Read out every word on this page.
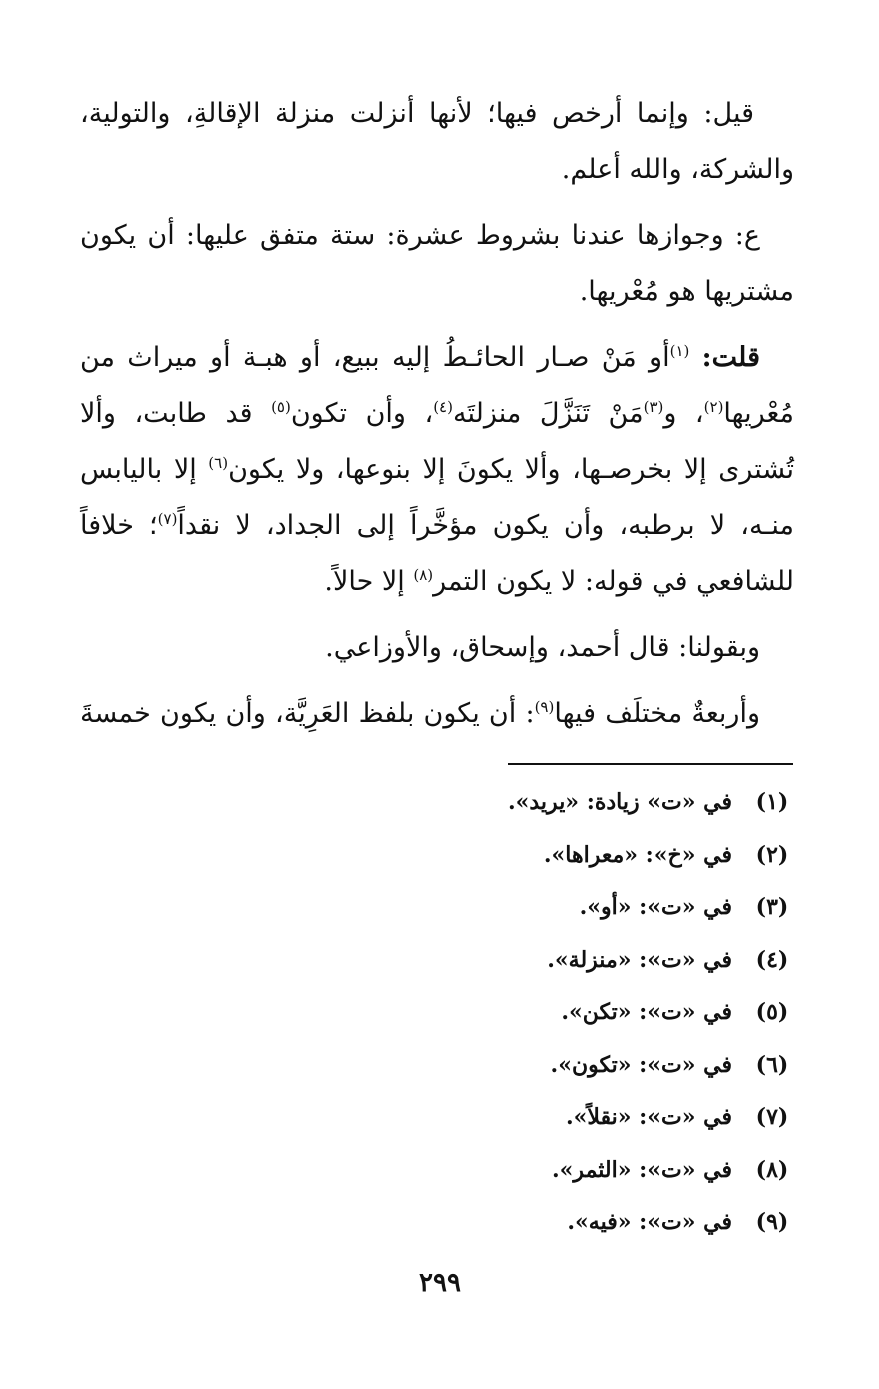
قيل: وإنما أرخص فيها؛ لأنها أنزلت منزلة الإقالةِ، والتولية، والشركة، والله أعلم.

ع: وجوازها عندنا بشروط عشرة: ستة متفق عليها: أن يكون مشتريها هو مُعْريها.

قلت: $^{(١)}$أو مَنْ صـار الحائـطُ إليه ببيع، أو هبـة أو ميراث من مُعْريها$^{(٢)}$، و$^{(٣)}$مَنْ تَنَزَّلَ منزلتَه$^{(٤)}$، وأن تكون$^{(٥)}$ قد طابت، وألا تُشترى إلا بخرصـها، وألا يكونَ إلا بنوعها، ولا يكون$^{(٦)}$ إلا باليابس منـه، لا برطبه، وأن يكون مؤخَّراً إلى الجداد، لا نقداً$^{(٧)}$؛ خلافاً للشافعي في قوله: لا يكون التمر$^{(٨)}$ إلا حالاً.

وبقولنا: قال أحمد، وإسحاق، والأوزاعي.

وأربعةٌ مختلَف فيها$^{(٩)}$: أن يكون بلفظ العَرِيَّة، وأن يكون خمسةَ

(١)في «ت» زيادة: «يريد».
(٢)في «خ»: «معراها».
(٣)في «ت»: «أو».
(٤)في «ت»: «منزلة».
(٥)في «ت»: «تكن».
(٦)في «ت»: «تكون».
(٧)في «ت»: «نقلاً».
(٨)في «ت»: «الثمر».
(٩)في «ت»: «فيه».
٢٩٩
